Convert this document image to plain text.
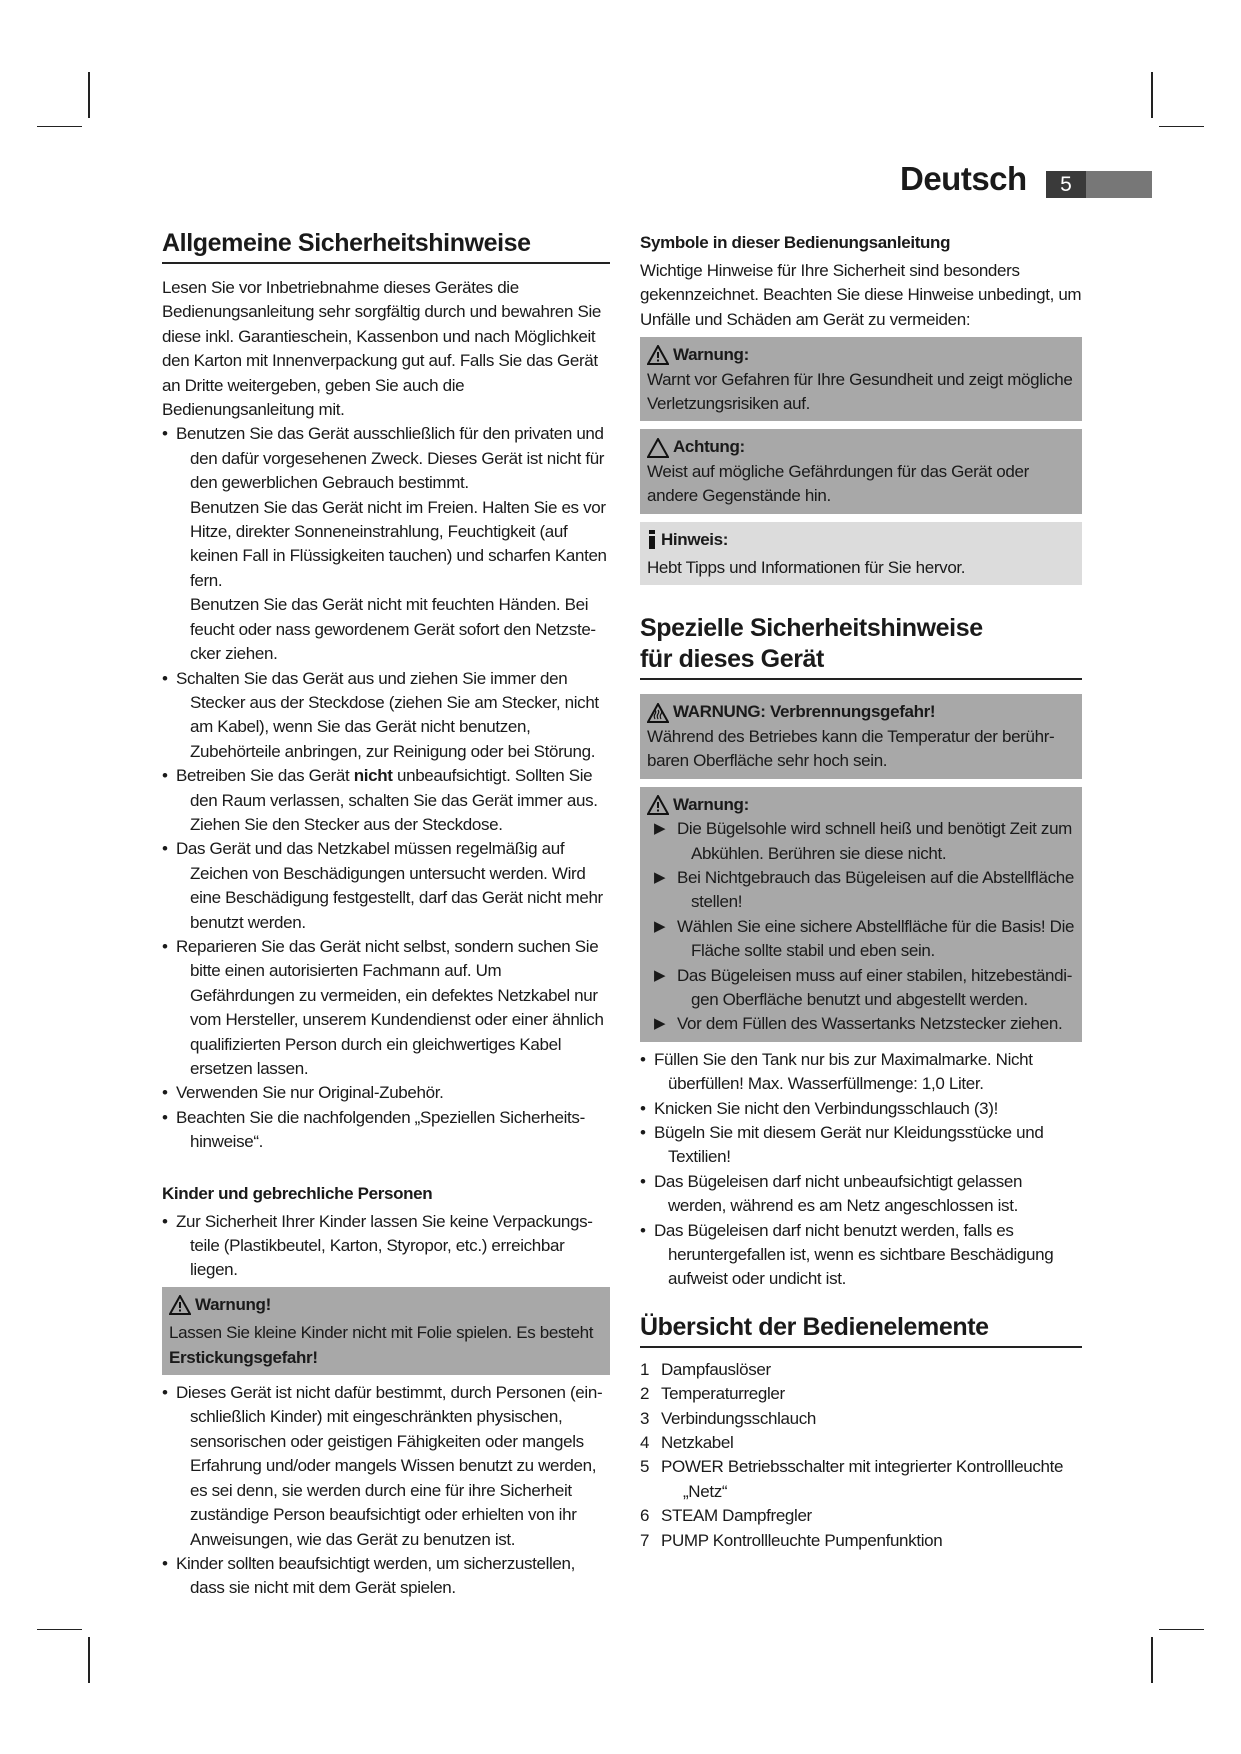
Deutsch	5
Allgemeine Sicherheitshinweise

Lesen Sie vor Inbetriebnahme dieses Gerätes die Bedienungsanleitung sehr sorgfältig durch und bewahren Sie diese inkl. Garantieschein, Kassenbon und nach Möglichkeit den Karton mit Innenverpackung gut auf. Falls Sie das Gerät an Dritte weitergeben, geben Sie auch die Bedienungsanleitung mit.

• Benutzen Sie das Gerät ausschließlich für den privaten und den dafür vorgesehenen Zweck. Dieses Gerät ist nicht für den gewerblichen Gebrauch bestimmt.
Benutzen Sie das Gerät nicht im Freien. Halten Sie es vor Hitze, direkter Sonneneinstrahlung, Feuchtigkeit (auf keinen Fall in Flüssigkeiten tauchen) und scharfen Kanten fern.
Benutzen Sie das Gerät nicht mit feuchten Händen. Bei feucht oder nass gewordenem Gerät sofort den Netzstecker ziehen.
• Schalten Sie das Gerät aus und ziehen Sie immer den Stecker aus der Steckdose (ziehen Sie am Stecker, nicht am Kabel), wenn Sie das Gerät nicht benutzen, Zubehörteile anbringen, zur Reinigung oder bei Störung.
• Betreiben Sie das Gerät nicht unbeaufsichtigt. Sollten Sie den Raum verlassen, schalten Sie das Gerät immer aus. Ziehen Sie den Stecker aus der Steckdose.
• Das Gerät und das Netzkabel müssen regelmäßig auf Zeichen von Beschädigungen untersucht werden. Wird eine Beschädigung festgestellt, darf das Gerät nicht mehr benutzt werden.
• Reparieren Sie das Gerät nicht selbst, sondern suchen Sie bitte einen autorisierten Fachmann auf. Um Gefährdungen zu vermeiden, ein defektes Netzkabel nur vom Hersteller, unserem Kundendienst oder einer ähnlich qualifizierten Person durch ein gleichwertiges Kabel ersetzen lassen.
• Verwenden Sie nur Original-Zubehör.
• Beachten Sie die nachfolgenden „Speziellen Sicherheitshinweise“.
Kinder und gebrechliche Personen
• Zur Sicherheit Ihrer Kinder lassen Sie keine Verpackungsteile (Plastikbeutel, Karton, Styropor, etc.) erreichbar liegen.
Warnung!
Lassen Sie kleine Kinder nicht mit Folie spielen. Es besteht
Erstickungsgefahr!
• Dieses Gerät ist nicht dafür bestimmt, durch Personen (einschließlich Kinder) mit eingeschränkten physischen, sensorischen oder geistigen Fähigkeiten oder mangels Erfahrung und/oder mangels Wissen benutzt zu werden, es sei denn, sie werden durch eine für ihre Sicherheit zuständige Person beaufsichtigt oder erhielten von ihr Anweisungen, wie das Gerät zu benutzen ist.
• Kinder sollten beaufsichtigt werden, um sicherzustellen, dass sie nicht mit dem Gerät spielen.
Symbole in dieser Bedienungsanleitung

Wichtige Hinweise für Ihre Sicherheit sind besonders gekennzeichnet. Beachten Sie diese Hinweise unbedingt, um Unfälle und Schäden am Gerät zu vermeiden:

Warnung:
Warnt vor Gefahren für Ihre Gesundheit und zeigt mögliche Verletzungsrisiken auf.
Achtung:
Weist auf mögliche Gefährdungen für das Gerät oder andere Gegenstände hin.
Hinweis:
Hebt Tipps und Informationen für Sie hervor.
Spezielle Sicherheitshinweise
für dieses Gerät
WARNUNG: Verbrennungsgefahr!
Während des Betriebes kann die Temperatur der berührbaren Oberfläche sehr hoch sein.
Warnung:
▶ Die Bügelsohle wird schnell heiß und benötigt Zeit zum Abkühlen. Berühren sie diese nicht.
▶ Bei Nichtgebrauch das Bügeleisen auf die Abstellfläche stellen!
▶ Wählen Sie eine sichere Abstellfläche für die Basis! Die Fläche sollte stabil und eben sein.
▶ Das Bügeleisen muss auf einer stabilen, hitzebeständigen Oberfläche benutzt und abgestellt werden.
▶ Vor dem Füllen des Wassertanks Netzstecker ziehen.
• Füllen Sie den Tank nur bis zur Maximalmarke. Nicht überfüllen! Max. Wasserfüllmenge: 1,0 Liter.
• Knicken Sie nicht den Verbindungsschlauch (3)!
• Bügeln Sie mit diesem Gerät nur Kleidungsstücke und Textilien!
• Das Bügeleisen darf nicht unbeaufsichtigt gelassen werden, während es am Netz angeschlossen ist.
• Das Bügeleisen darf nicht benutzt werden, falls es heruntergefallen ist, wenn es sichtbare Beschädigung aufweist oder undicht ist.
Übersicht der Bedienelemente
1 Dampfauslöser
2 Temperaturregler
3 Verbindungsschlauch
4 Netzkabel
5 POWER Betriebsschalter mit integrierter Kontrollleuchte „Netz“
6 STEAM Dampfregler
7 PUMP Kontrollleuchte Pumpenfunktion
